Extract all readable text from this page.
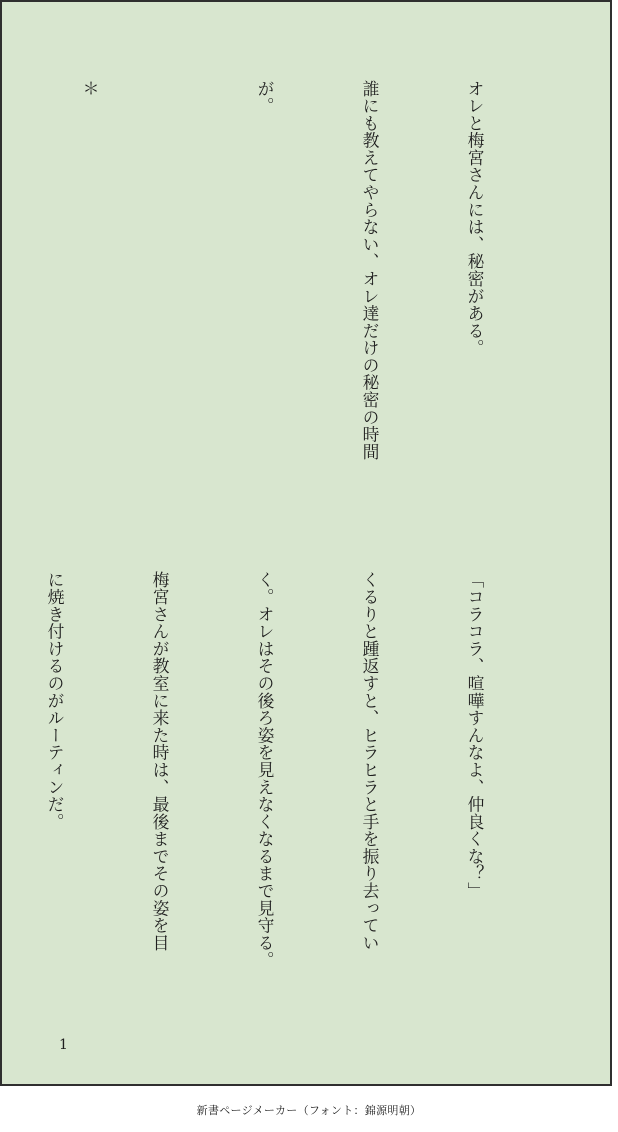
オレと梅宮さんには、秘密がある。

誰にも教えてやらない、オレ達だけの秘密の時間

が。

＊

「コラコラ、喧嘩すんなよ、仲良くな？」

くるりと踵返すと、ヒラヒラと手を振り去ってい

く。オレはその後ろ姿を見えなくなるまで見守る。

梅宮さんが教室に来た時は、最後までその姿を目

に焼き付けるのがルーティンだ。

1
新書ページメーカー（フォント：錦源明朝）
